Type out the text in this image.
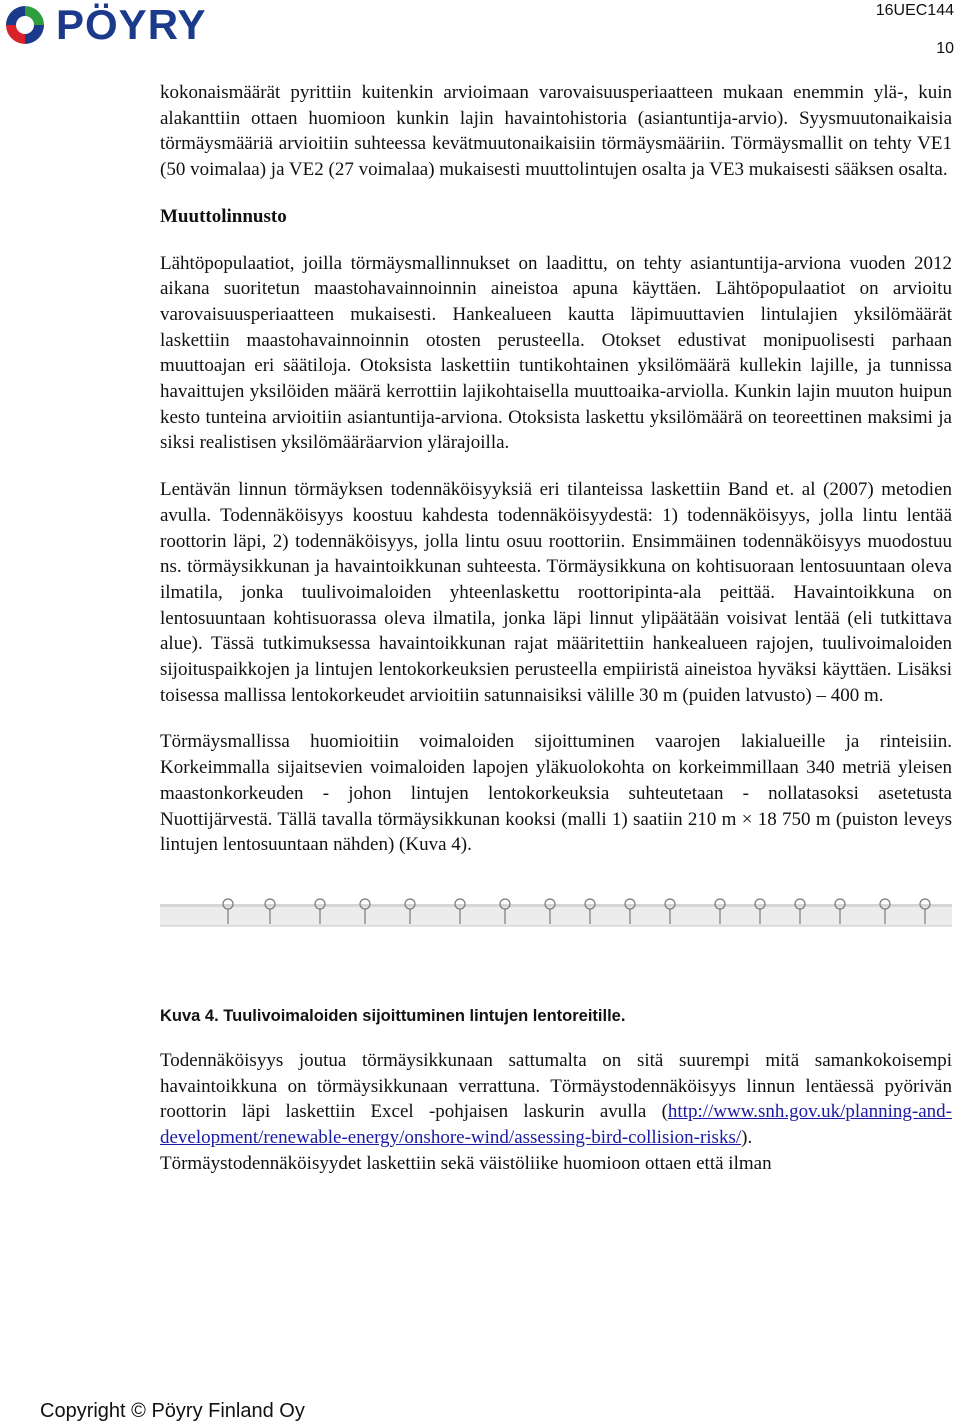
PÖYRY	16UEC144
10

kokonaismäärät pyrittiin kuitenkin arvioimaan varovaisuusperiaatteen mukaan enemmin ylä-, kuin alakanttiin ottaen huomioon kunkin lajin havaintohistoria (asiantuntija-arvio). Syysmuutonaikaisia törmäysmääriä arvioitiin suhteessa kevätmuutonaikaisiin törmäysmääriin. Törmäysmallit on tehty VE1 (50 voimalaa) ja VE2 (27 voimalaa) mukaisesti muuttolintujen osalta ja VE3 mukaisesti sääksen osalta.

Muuttolinnusto

Lähtöpopulaatiot, joilla törmäysmallinnukset on laadittu, on tehty asiantuntija-arviona vuoden 2012 aikana suoritetun maastohavainnoinnin aineistoa apuna käyttäen. Lähtöpopulaatiot on arvioitu varovaisuusperiaatteen mukaisesti. Hankealueen kautta läpimuuttavien lintulajien yksilömäärät laskettiin maastohavainnoinnin otosten perusteella. Otokset edustivat monipuolisesti parhaan muuttoajan eri säätiloja. Otoksista laskettiin tuntikohtainen yksilömäärä kullekin lajille, ja tunnissa havaittujen yksilöiden määrä kerrottiin lajikohtaisella muuttoaika-arviolla. Kunkin lajin muuton huipun kesto tunteina arvioitiin asiantuntija-arviona. Otoksista laskettu yksilömäärä on teoreettinen maksimi ja siksi realistisen yksilömääräarvion ylärajoilla.

Lentävän linnun törmäyksen todennäköisyyksiä eri tilanteissa laskettiin Band et. al (2007) metodien avulla. Todennäköisyys koostuu kahdesta todennäköisyydestä: 1) todennäköisyys, jolla lintu lentää roottorin läpi, 2) todennäköisyys, jolla lintu osuu roottoriin. Ensimmäinen todennäköisyys muodostuu ns. törmäysikkunan ja havaintoikkunan suhteesta. Törmäysikkuna on kohtisuoraan lentosuuntaan oleva ilmatila, jonka tuulivoimaloiden yhteenlaskettu roottoripinta-ala peittää. Havaintoikkuna on lentosuuntaan kohtisuorassa oleva ilmatila, jonka läpi linnut ylipäätään voisivat lentää (eli tutkittava alue). Tässä tutkimuksessa havaintoikkunan rajat määritettiin hankealueen rajojen, tuulivoimaloiden sijoituspaikkojen ja lintujen lentokorkeuksien perusteella empiiristä aineistoa hyväksi käyttäen. Lisäksi toisessa mallissa lentokorkeudet arvioitiin satunnaisiksi välille 30 m (puiden latvusto) – 400 m.

Törmäysmallissa huomioitiin voimaloiden sijoittuminen vaarojen lakialueille ja rinteisiin. Korkeimmalla sijaitsevien voimaloiden lapojen yläkuolokohta on korkeimmillaan 340 metriä yleisen maastonkorkeuden - johon lintujen lentokorkeuksia suhteutetaan - nollatasoksi asetetusta Nuottijärvestä. Tällä tavalla törmäysikkunan kooksi (malli 1) saatiin 210 m × 18 750 m (puiston leveys lintujen lentosuuntaan nähden) (Kuva 4).

Kuva 4. Tuulivoimaloiden sijoittuminen lintujen lentoreitille.

Todennäköisyys joutua törmäysikkunaan sattumalta on sitä suurempi mitä samankokoisempi havaintoikkuna on törmäysikkunaan verrattuna. Törmäystodennäköisyys linnun lentäessä pyörivän roottorin läpi laskettiin Excel -pohjaisen laskurin avulla (http://www.snh.gov.uk/planning-and-development/renewable-energy/onshore-wind/assessing-bird-collision-risks/).

Törmäystodennäköisyydet laskettiin sekä väistöliike huomioon ottaen että ilman

Copyright © Pöyry Finland Oy
